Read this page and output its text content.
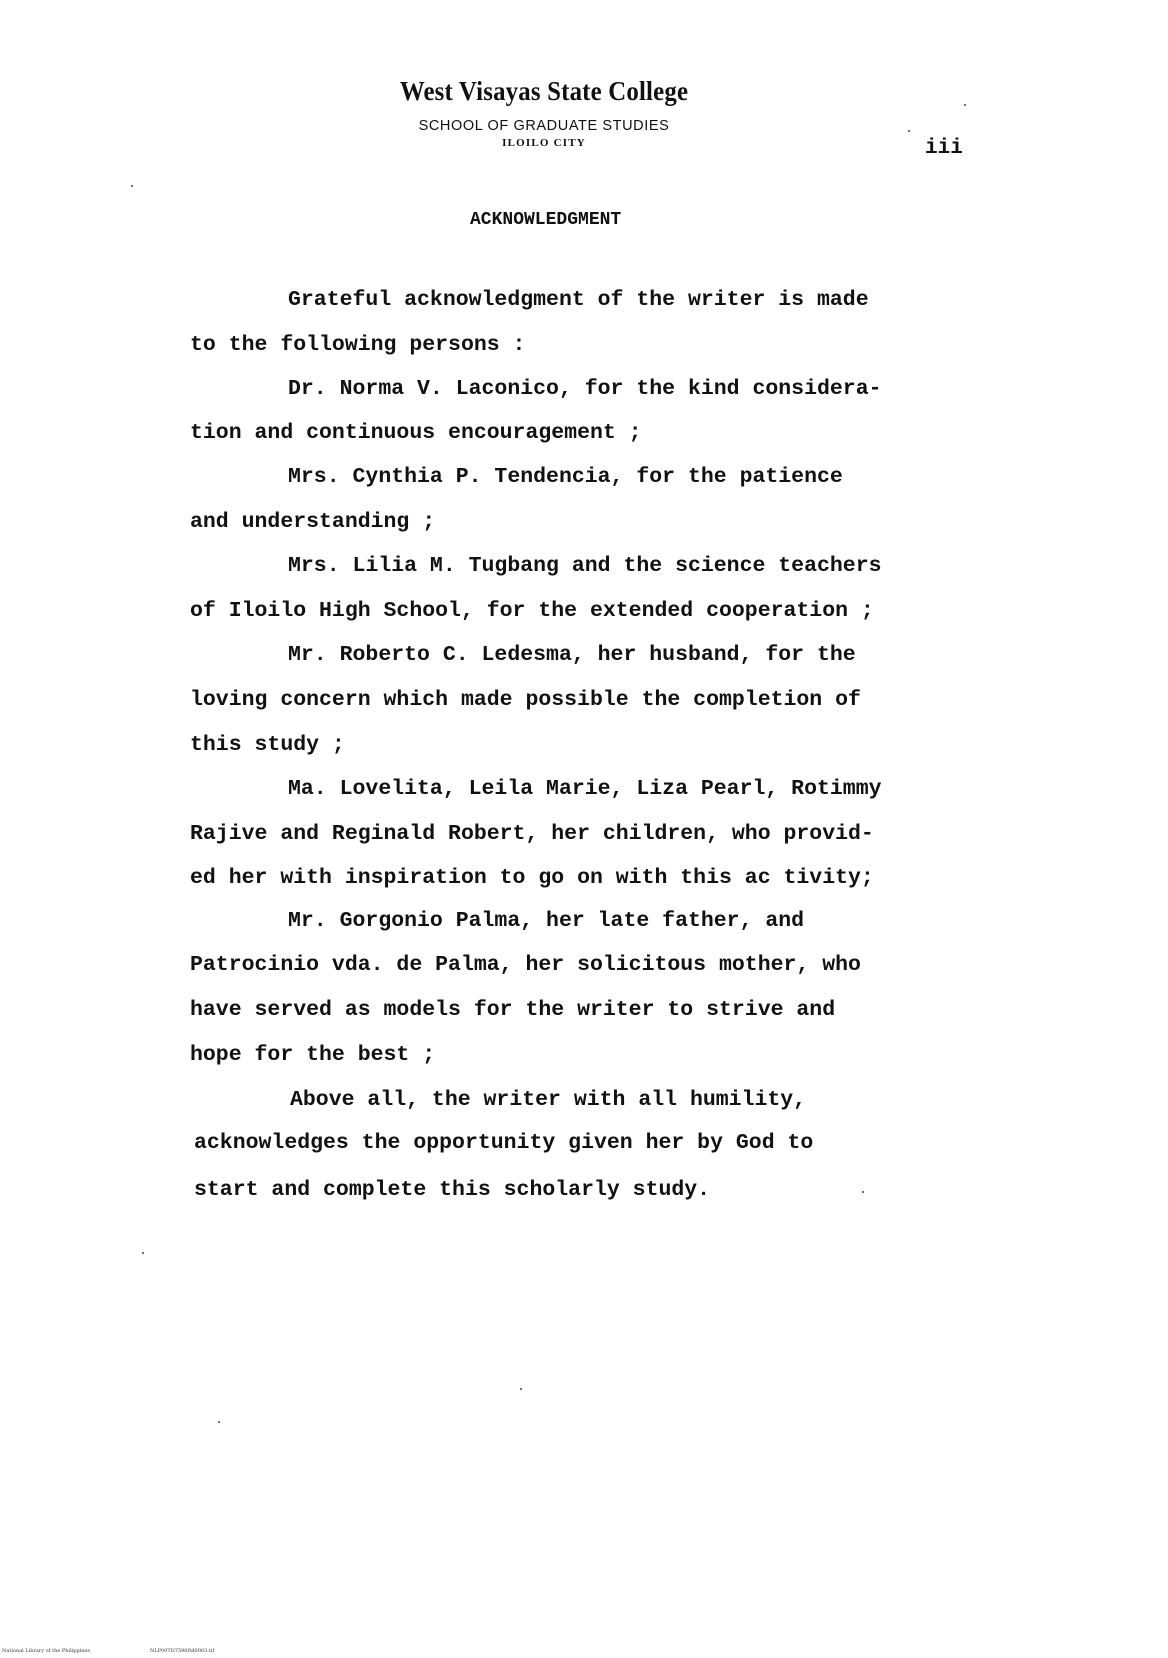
West Visayas State College
SCHOOL OF GRADUATE STUDIES
ILOILO CITY	iii
ACKNOWLEDGMENT
Grateful acknowledgment of the writer is made
to the following persons :
Dr. Norma V. Laconico, for the kind considera-
tion and continuous encouragement ;
Mrs. Cynthia P. Tendencia, for the patience
and understanding ;
Mrs. Lilia M. Tugbang and the science teachers
of Iloilo High School, for the extended cooperation ;
Mr. Roberto C. Ledesma, her husband, for the
loving concern which made possible the completion of
this study ;
Ma. Lovelita, Leila Marie, Liza Pearl, Rotimmy
Rajive and Reginald Robert, her children, who provid-
ed her with inspiration to go on with this ac tivity;
Mr. Gorgonio Palma, her late father, and
Patrocinio vda. de Palma, her solicitous mother, who
have served as models for the writer to strive and
hope for the best ;
Above all, the writer with all humility,
acknowledges the opportunity given her by God to
start and complete this scholarly study.
National Library of the Philippines	NLP00TD7596ftd0003.tif
